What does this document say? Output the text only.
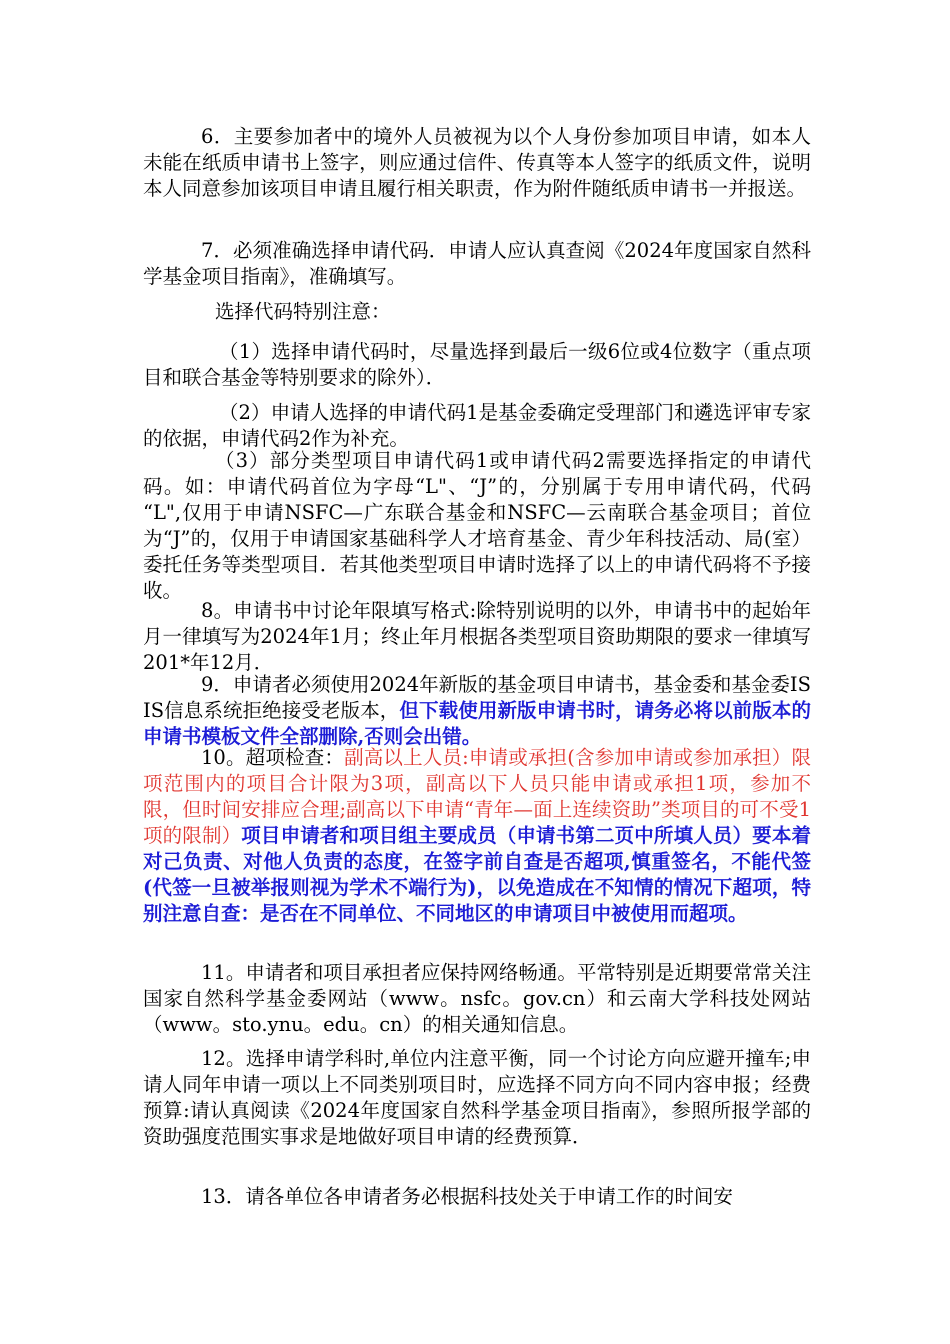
6．主要参加者中的境外人员被视为以个人身份参加项目申请，如本人未能在纸质申请书上签字，则应通过信件、传真等本人签字的纸质文件，说明本人同意参加该项目申请且履行相关职责，作为附件随纸质申请书一并报送。

7．必须准确选择申请代码．申请人应认真查阅《2024年度国家自然科学基金项目指南》，准确填写。

选择代码特别注意：

（1）选择申请代码时，尽量选择到最后一级6位或4位数字（重点项目和联合基金等特别要求的除外）．

（2）申请人选择的申请代码1是基金委确定受理部门和遴选评审专家的依据，申请代码2作为补充。

（3）部分类型项目申请代码1或申请代码2需要选择指定的申请代码。如：申请代码首位为字母“L"、“J”的，分别属于专用申请代码，代码 “L",仅用于申请NSFC—广东联合基金和NSFC—云南联合基金项目；首位为“J”的，仅用于申请国家基础科学人才培育基金、青少年科技活动、局(室）委托任务等类型项目．若其他类型项目申请时选择了以上的申请代码将不予接收。

8。申请书中讨论年限填写格式:除特别说明的以外，申请书中的起始年月一律填写为2024年1月；终止年月根据各类型项目资助期限的要求一律填写201*年12月．

9．申请者必须使用2024年新版的基金项目申请书，基金委和基金委ISIS信息系统拒绝接受老版本，但下载使用新版申请书时，请务必将以前版本的申请书模板文件全部删除,否则会出错。

10。超项检查：副高以上人员:申请或承担(含参加申请或参加承担）限项范围内的项目合计限为3项，副高以下人员只能申请或承担1项，参加不限，但时间安排应合理;副高以下申请“青年—面上连续资助”类项目的可不受1项的限制）项目申请者和项目组主要成员（申请书第二页中所填人员）要本着对己负责、对他人负责的态度，在签字前自查是否超项,慎重签名，不能代签(代签一旦被举报则视为学术不端行为)，以免造成在不知情的情况下超项，特别注意自查：是否在不同单位、不同地区的申请项目中被使用而超项。

11。申请者和项目承担者应保持网络畅通。平常特别是近期要常常关注国家自然科学基金委网站（www。nsfc。gov.cn）和云南大学科技处网站（www。sto.ynu。edu。cn）的相关通知信息。

12。选择申请学科时,单位内注意平衡，同一个讨论方向应避开撞车;申请人同年申请一项以上不同类别项目时，应选择不同方向不同内容申报；经费预算:请认真阅读《2024年度国家自然科学基金项目指南》，参照所报学部的资助强度范围实事求是地做好项目申请的经费预算．

13．请各单位各申请者务必根据科技处关于申请工作的时间安
